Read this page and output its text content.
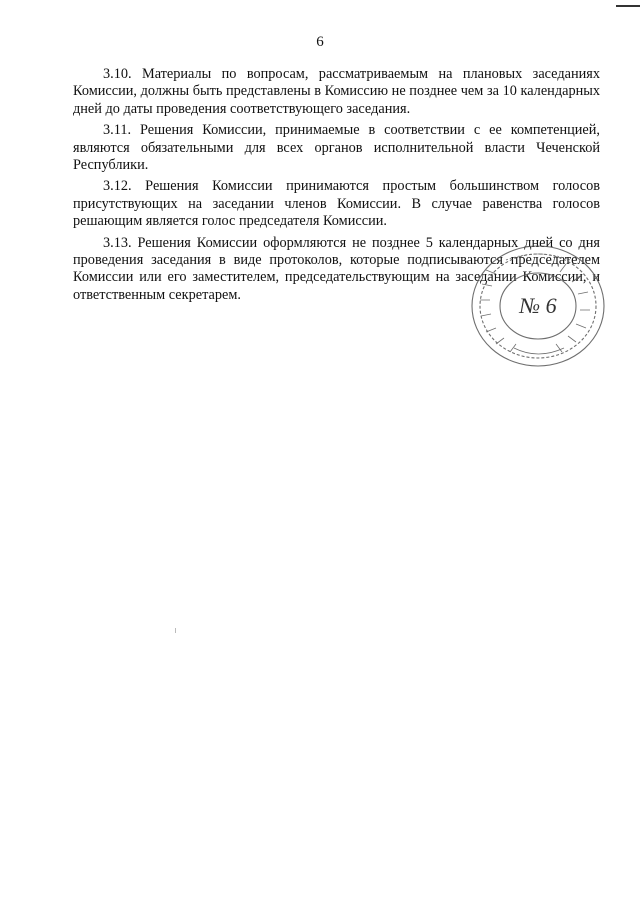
6

3.10. Материалы по вопросам, рассматриваемым на плановых заседаниях Комиссии, должны быть представлены в Комиссию не позднее чем за 10 календарных дней до даты проведения соответствующего заседания.

3.11. Решения Комиссии, принимаемые в соответствии с ее компетенцией, являются обязательными для всех органов исполнительной власти Чеченской Республики.

3.12. Решения Комиссии принимаются простым большинством голосов присутствующих на заседании членов Комиссии. В случае равенства голосов решающим является голос председателя Комиссии.

3.13. Решения Комиссии оформляются не позднее 5 календарных дней со дня проведения заседания в виде протоколов, которые подписываются председателем Комиссии или его заместителем, председательствующим на заседании Комиссии, и ответственным секретарем.	№ 6
